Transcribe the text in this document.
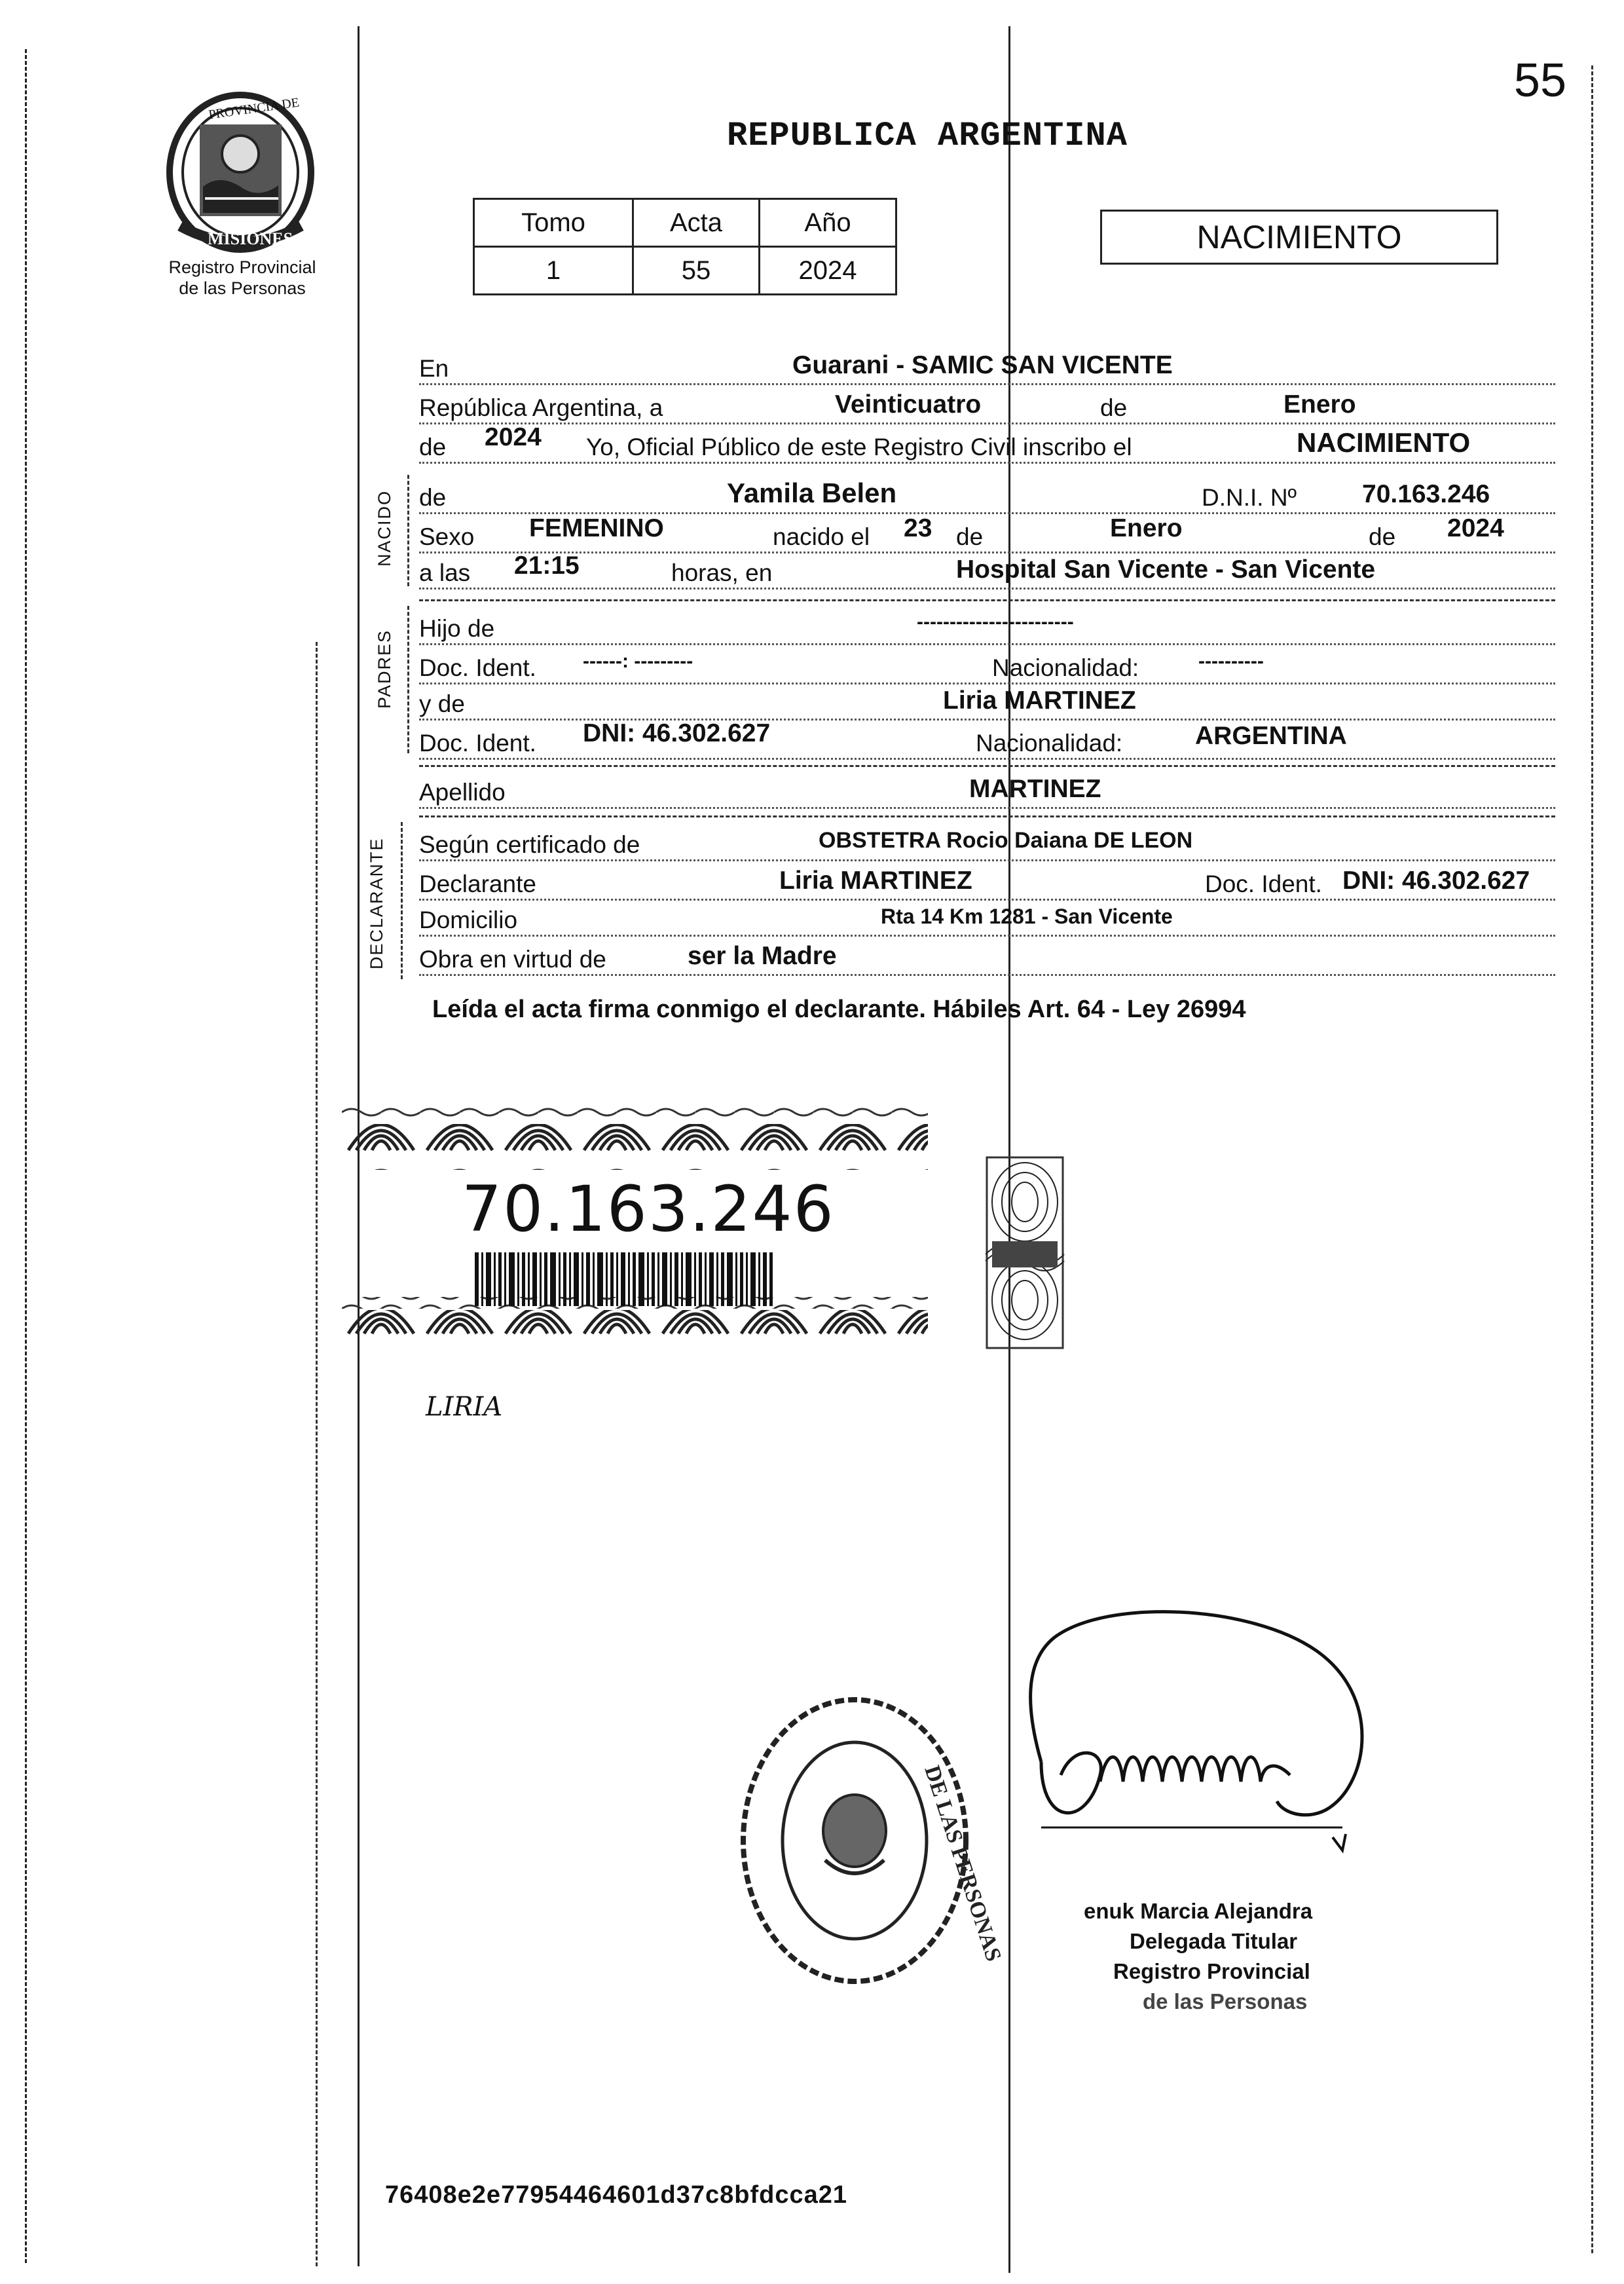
55
PROVINCIA DE
MISIONES
Registro Provincial
de las Personas
REPUBLICA ARGENTINA
Tomo	Acta	Año
1	55	2024
NACIMIENTO
En	Guarani - SAMIC SAN VICENTE
República Argentina, a	Veinticuatro	de	Enero
de 2024 Yo, Oficial Público de este Registro Civil inscribo el	NACIMIENTO
NACIDO de	Yamila Belen	D.N.I. Nº	70.163.246
Sexo FEMENINO	nacido el 23 de	Enero	de 2024
a las 21:15	horas, en	Hospital San Vicente - San Vicente
PADRES
Hijo de	------------------------
Doc. Ident. ------: ---------	Nacionalidad:	----------
y de	Liria MARTINEZ
Doc. Ident. DNI: 46.302.627	Nacionalidad:	ARGENTINA
Apellido	MARTINEZ
DECLARANTE Según certificado de	OBSTETRA Rocio Daiana DE LEON
Declarante	Liria MARTINEZ	Doc. Ident. DNI: 46.302.627
Domicilio	Rta 14 Km 1281 - San Vicente
Obra en virtud de	ser la Madre
Leída el acta firma conmigo el declarante. Hábiles Art. 64 - Ley 26994
70.163.246
LIRIA
DE LAS PERSONAS	enuk Marcia Alejandra
Delegada Titular
Registro Provincial
de las Personas
76408e2e77954464601d37c8bfdcca21
